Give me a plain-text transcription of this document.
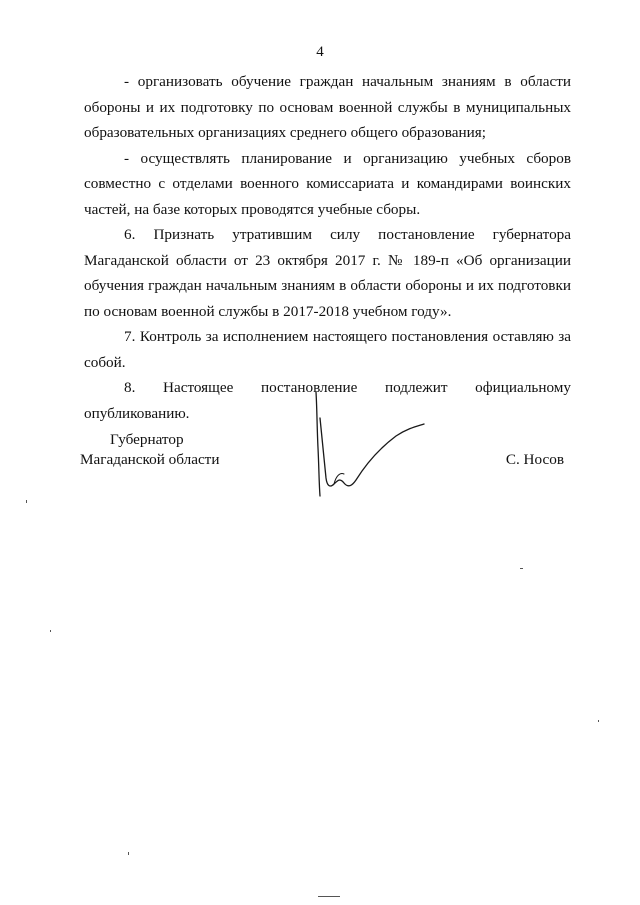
4

- организовать обучение граждан начальным знаниям в области обороны и их подготовку по основам военной службы в муниципальных образовательных организациях среднего общего образования;

- осуществлять планирование и организацию учебных сборов совместно с отделами военного комиссариата и командирами воинских частей, на базе которых проводятся учебные сборы.

6. Признать утратившим силу постановление губернатора Магаданской области от 23 октября 2017 г. № 189-п «Об организации обучения граждан начальным знаниям в области обороны и их подготовки по основам военной службы в 2017-2018 учебном году».

7. Контроль за исполнением настоящего постановления оставляю за собой.

8. Настоящее постановление подлежит официальному опубликованию.

Губернатор
Магаданской области	С. Носов
